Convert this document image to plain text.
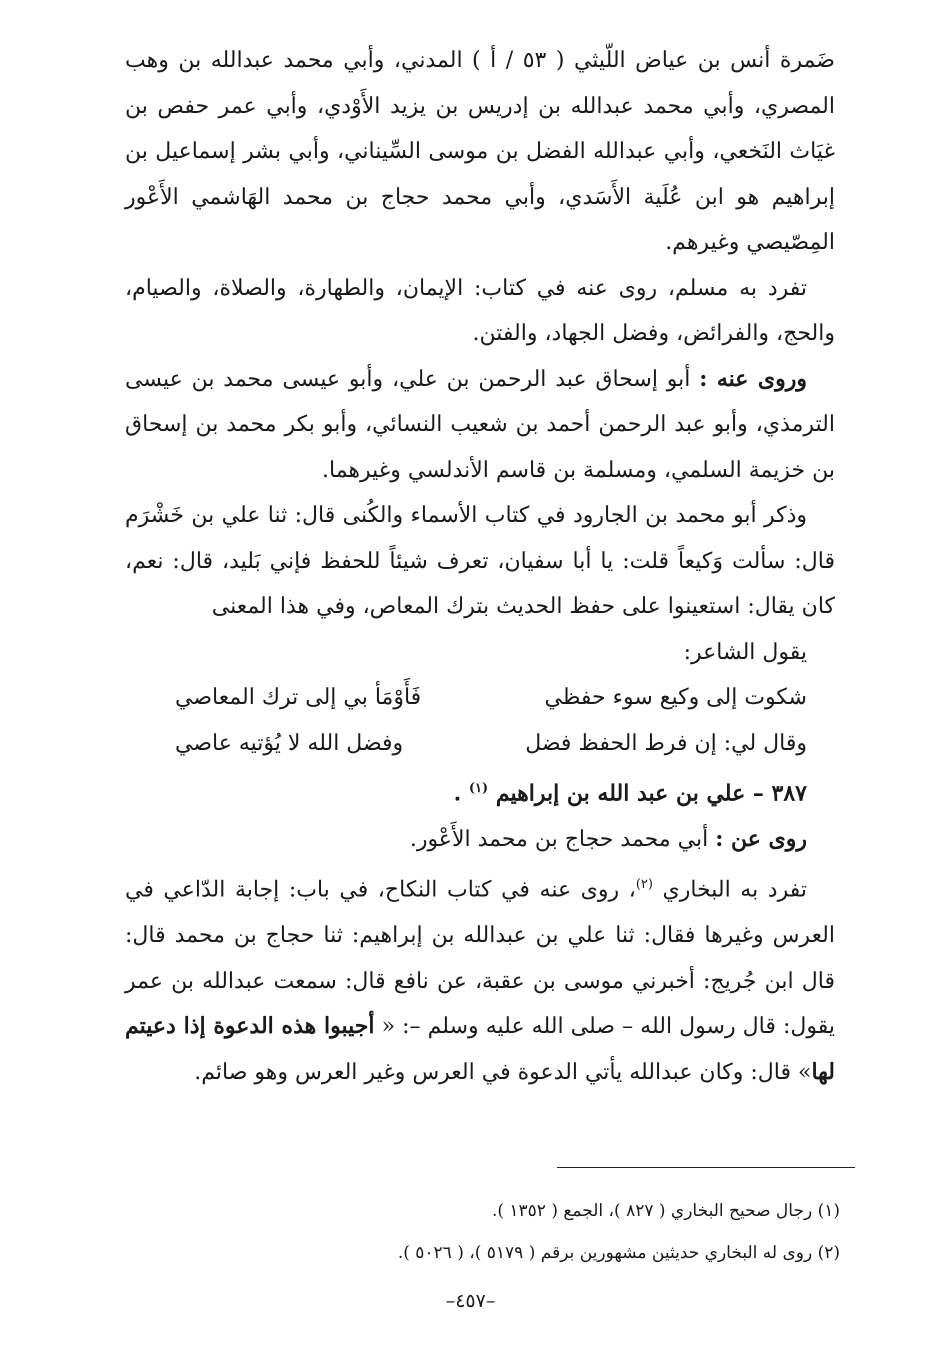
ضَمرة أنس بن عياض اللّيثي ( ٥٣ / أ ) المدني، وأبي محمد عبدالله بن وهب المصري، وأبي محمد عبدالله بن إدريس بن يزيد الأَوْدي، وأبي عمر حفص بن غيَاث النَخعي، وأبي عبدالله الفضل بن موسى السِّيناني، وأبي بشر إسماعيل بن إبراهيم هو ابن عُلَية الأَسَدي، وأبي محمد حجاج بن محمد الهَاشمي الأَعْور المِصّيصي وغيرهم.

تفرد به مسلم، روى عنه في كتاب: الإيمان، والطهارة، والصلاة، والصيام، والحج، والفرائض، وفضل الجهاد، والفتن.

وروى عنه : أبو إسحاق عبد الرحمن بن علي، وأبو عيسى محمد بن عيسى الترمذي، وأبو عبد الرحمن أحمد بن شعيب النسائي، وأبو بكر محمد بن إسحاق بن خزيمة السلمي، ومسلمة بن قاسم الأندلسي وغيرهما.

وذكر أبو محمد بن الجارود في كتاب الأسماء والكُنى قال: ثنا علي بن خَشْرَم قال: سألت وَكيعاً قلت: يا أبا سفيان، تعرف شيئاً للحفظ فإني بَليد، قال: نعم، كان يقال: استعينوا على حفظ الحديث بترك المعاص، وفي هذا المعنى

يقول الشاعر:

شكوت إلى وكيع سوء حفظي
فَأَوْمَأ بي إلى ترك المعاصي
وقال لي: إن فرط الحفظ فضل
وفضل الله لا يُؤتيه عاصي

٣٨٧ – علي بن عبد الله بن إبراهيم $^{(١)}$ .

روى عن : أبي محمد حجاج بن محمد الأَعْور.

تفرد به البخاري $^{(٢)}$، روى عنه في كتاب النكاح، في باب: إجابة الدّاعي في العرس وغيرها فقال: ثنا علي بن عبدالله بن إبراهيم: ثنا حجاج بن محمد قال: قال ابن جُريج: أخبرني موسى بن عقبة، عن نافع قال: سمعت عبدالله بن عمر يقول: قال رسول الله – صلى الله عليه وسلم –: « أجيبوا هذه الدعوة إذا دعيتم لها» قال: وكان عبدالله يأتي الدعوة في العرس وغير العرس وهو صائم.

(١) رجال صحيح البخاري ( ٨٢٧ )، الجمع ( ١٣٥٢ ).

(٢) روى له البخاري حديثين مشهورين برقم ( ٥١٧٩ )، ( ٥٠٢٦ ).

–٤٥٧–
